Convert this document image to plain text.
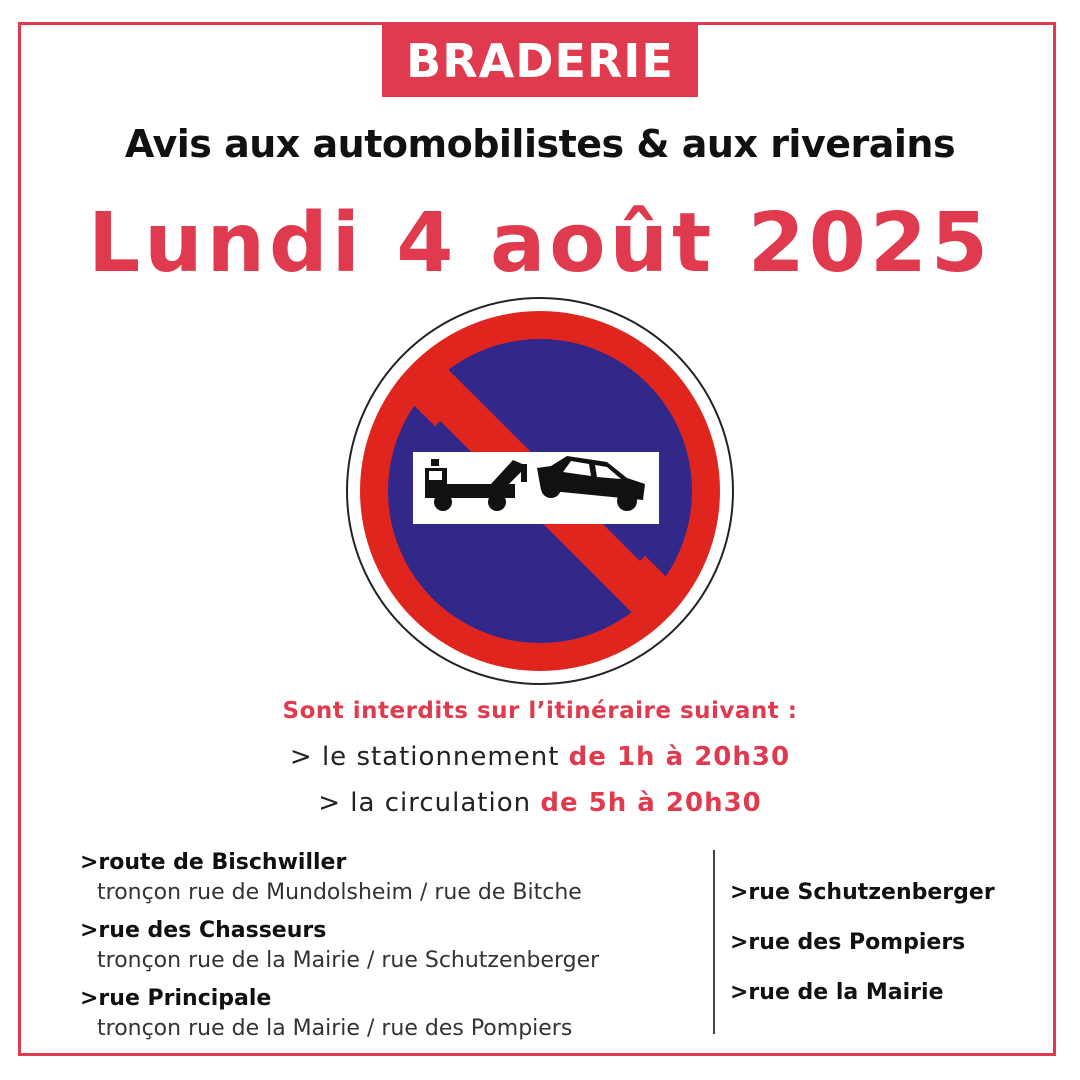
BRADERIE
Avis aux automobilistes & aux riverains
Lundi 4 août 2025
Sont interdits sur l’itinéraire suivant :
> le stationnement de 1h à 20h30
> la circulation de 5h à 20h30
>route de Bischwiller
tronçon rue de Mundolsheim / rue de Bitche
>rue des Chasseurs
tronçon rue de la Mairie / rue Schutzenberger
>rue Principale
tronçon rue de la Mairie / rue des Pompiers
>rue Schutzenberger
>rue des Pompiers
>rue de la Mairie
